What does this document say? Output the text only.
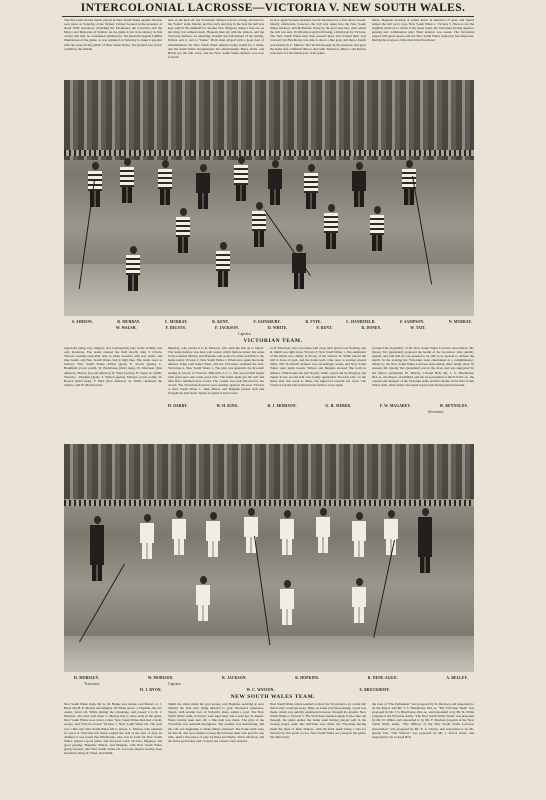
INTERCOLONIAL LACROSSE—VICTORIA V. NEW SOUTH WALES.
The first intercolonial match played in New South Wales against Victoria took place on Saturday at the Sydney Cricket Ground in the presence of about 1000 spectators, including his Excellency the Governor and the Mayor and Mayoress of Sydney. As the game is yet in its infancy in this colony this may be considered satisfactory. We herewith append faithful illustrations of the game, as was rendered on Saturday to make it popular with the sport-loving public of New South Wales. The ground was in fair condition, the middle
and, on the kick off, the Victorians' defence was too strong, and tried to the "home" team. Murray and the early and play in the lead the ball was kept well in the midfield for another turn. Magarey doing a fine run on the wing, but without result. Honours then lay with the visitors, and the Victorian defence, on returning, brought the ball instead of the netting. Delves sent it, and to "home." Both sides played with a good deal of determination, the New South Wales defence being sound for a while, and the South Wales strengthened, but unfortunately. Barry, Dolle, and Harris got the ball away, and the New South Wales defence was now forward.
In play again Victoria attacked, but W. Morrison by a fine throw scored. Shortly afterwards, however, the ball was taken into the New South Wales territory, and McFarlane broke by the goal and shot, with which the ball was sent. W. Morrison again following, a third goal for Victoria. The New South Wales men then pressed hard, and worked their way forward; but Hawthorne was able to shoot a fine goal, and then a fourth was kicked by C. Murray. The Victorians kept up the pressure, and gave the home side a difficult time to deal with. Morrison, Munro, and Delves took turns for the fourth goal of the game.
effort, Hopkins securing at centre threw in direction of goal, and Spiers helped the ball on its way. New South Wales 1, Victoria 5. There is not the slightest doubt as to which is the better team, the Victorians having superior passing and combination play. Their defence was sound. The Victorians played with great speed, and the New South Wales team play has improved. During the progress of the match his Excellency
S. SIMSON.	R. MURRAY.	C. MURRAY.	R. KENT.	F. SAINSBURY.	R. FYFE.	C. HANDFIELD.	F. SAMPSON.	N. MURRAY.
W. WALSH.	F. DELVES.	F. JACKSON.	D. WHITE.	F. KENT.	R. DONEY.	W. TAIT.
Captain.
VICTORIAN TEAM.
especially being very slippery, and consequently play in the vicinity was only moderate. The teams entered the field shortly after 3 o'clock, Victoria looking especially neat in white sweaters with red, white, and blue bands, and New South Wales clad in light blue. The teams were as follows: New South Wales—Fallon (goal), E. Jacobs (point), C. Handfield (cover point), W. Backhouse (third man), W. Morrison (first defence), Murray (second defence), R. Ward (centre), H. Sagar, R. Smith. Victoria— Hopkins (goal), T. Wilson (point), Mangan (cover point), W. Bowen (third man), F. Hird (first defence). D. White captained the visitors, and W. Morrison the
Magarey, who passed it to R. Morison, who send the ball on to Spiers. The home defence was here well tested, which (before stated, but some in the returned Murray and Hopkins, and as the two men took him to the home team). Victoria 1; New South Wales 1. When once again the home defence being well under Ward, and the Victorians obtained the lead. Victorians 2, New South Wales 1. The play was splendid, the first-half ending in favour of Victoria. Half-time 3 to 1. The second half began with great pace and some good runs. The home team got the ball and after fine combined play scored. The contest was well followed by the crowd. The Victorians however were quickly again in the lead. Victoria 4, New South Wales 1. Then Munro and Hopkins played well and brought the ball down. Spiers accepted it and scored.
to W. Morrison, who was taken well away after great loose fielding, and R. Smith was right close, Victoria 3; New South Wales 1. The remainder of the match was chiefly in favour of the visitors. R. Smith placed the ball in front of goal, and the home team came near to scoring several times. The Victorians' defence was exceedingly sound, and New South Wales were again beaten. Wilson and Mangan showed fine form in defence. Wilson kept the ball in play, while a good run by Magarey and Spiers in the second half was loudly applauded. Forward play on the home side was weak at times, but improved towards the close. The visitors took the ball well down the field to score again.
accepted the hospitality of the New South Wales Lacrosse Association. Mr. Quong Tart (president) proposed the health of the Governor, who suitably replied, and said that he was pleased to be able to be present to witness the match. In the evening the Victorians were entertained at a complimentary dinner by the New South Wales Lacrosse Association, there being about 70 present. Mr. Quong Tart (president) was in the chair, and was supported by the Mayor (Alderman M. Harris), Colonel Bell, Mr. J. S. Hawthorne, M.L.A., the Mayor of Ashfield, and the vice-president of the N.S.W.L.A., the captain and manager of the Victorian team, and the captain of the New South Wales team. After dinner, the usual loyal toasts having been honoured,
H. DARBY.	W. H. KING.	R. J. MORISON.	G. H. SIEBER.	F. W. MAGAREY.	W. REYNOLDS.
Secretary.
H. MOBSLEY.	W. MORISON.	R. JACKSON.	R. HOPKINS.	R. DENE-AGGO.	A. BELLEY.
Treasurer.	Captain.
H. J. RYON.	W. C. WATSON.	E. BROCKHOFF.
NEW SOUTH WALES TEAM.
New South Wales team, Mr. G. M. Henke was referee, and Messrs. G. J. Hurst and H. E. Morley and umpires. Of White and A. J. Hopkins, the two centre, faced off. White putting the advantage, and passed it to R. J. Morison, who shot well wide. C. Murray had to retire early in the game, New South Wales were down a man. New South Wales then had a lucky escape, and Victoria scored. Victoria 1, New South Wales nil. The goal was a fine one; New South Wales fell to pieces. C. Murray, who returned for good at Victorian left home, helped the side at the start of play. In addition it was noted that Hawthorne, who was in form for New South Wales, played a good game, and did good work. Victoria, Magarey, and good passing. Hopkins, Wilson, and Mangan, with New South Wales going forward, and New South Wales nil. Lacrosse players having been honoured, King, R. Ward, and Smith.
Smith the attack made the goal escape, and Hopkins, securing at once without the ball, play being directed to goal. Morison's assistance, Spiers, with another two of Victoria's shots, added a goal. The New South Wales team, however, were kept busy and would not be denied. Ward, having been sent off, a fine rush was made. The play of the Victorians was splendid throughout. The weather was threatening, and the rain was beginning to make things awkward. The home team were far less fit, and were unable to keep the ball near their own goal for any time, until a fine piece of play by King and Darby. Ward, Morison, and the home goal being well covered, the visitors were pressed.
New South Wales attack seemed to allow the Victorians to go on the ball before they could get away. Then, on some very fine passing, a goal was made, which was quickly equalised, however, through the ground. New South Wales 2, Victoria 5. The Victorians attacked again; from a fine run through, the game ended, the home team having played well in the closing stages. After this half-time was called, the Victorians having made the most of their chances, with the final result being a win for Victoria by five goals to two. New South Wales are young in the game, but improving.
the toast of "The Parliament" was proposed by D. Morison, and responded to by the Mayor and Mr. J. S. Hawthorne, M.L.A. "The Victorian Team" was proposed by Mr. J. S. Hawthorne, M.L.A., and responded to by Mr. D. White (captain of the Victorian team). "The New South Wales Team" was proposed by Mr. D. White, and responded to by Mr. F. Morison (captain of the New South Wales team). "The Officers of the New South Wales Lacrosse Association" was proposed by Mr. E. G. Doney, and responded to by Mr. Quong Tart. "The Visitors" was proposed by Mr. J. Trevor Jones, and responded to by Colonel Bell.
